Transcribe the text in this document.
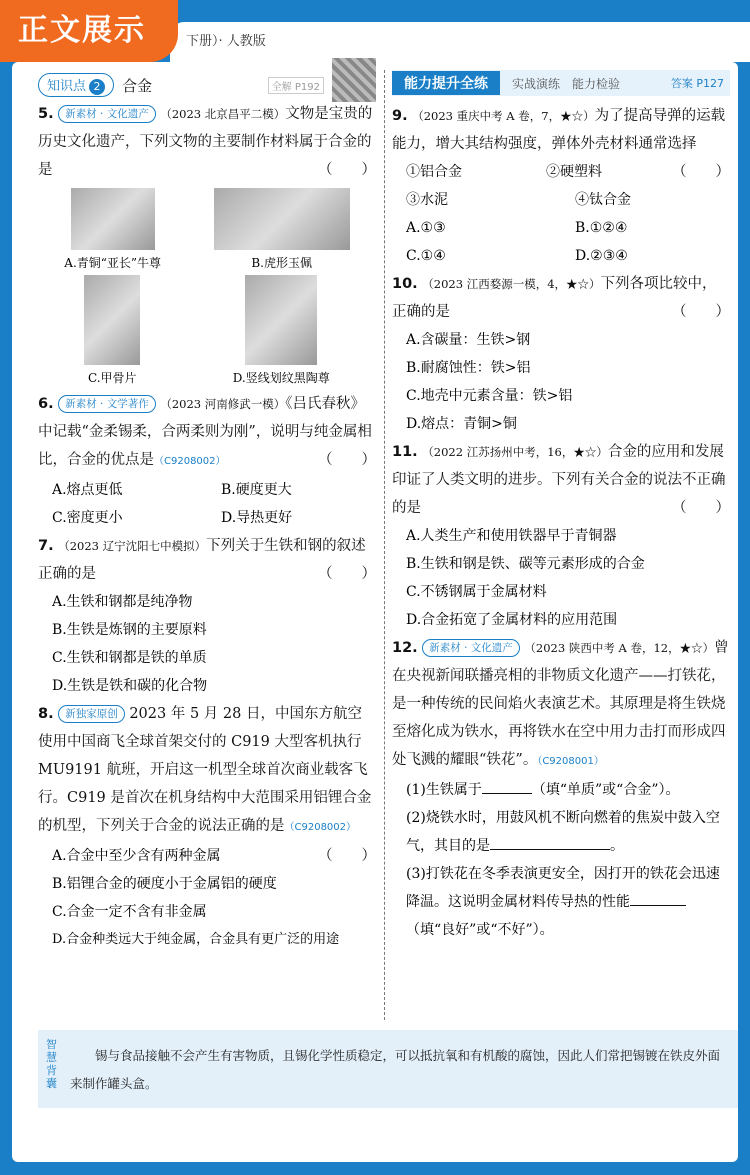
正文展示	下册）· 人教版
知识点 2	合金	全解 P192
5. 新素材 · 文化遗产 （2023 北京昌平二模）文物是宝贵的历史文化遗产，下列文物的主要制作材料属于合金的是	（　　）
A.青铜“亚长”牛尊	B.虎形玉佩
C.甲骨片	D.竖线划纹黑陶尊
6. 新素材 · 文学著作 （2023 河南修武一模）《吕氏春秋》中记载“金柔锡柔，合两柔则为刚”，说明与纯金属相比，合金的优点是（C9208002）	（　　）
A.熔点更低	B.硬度更大
C.密度更小	D.导热更好
7. （2023 辽宁沈阳七中模拟）下列关于生铁和钢的叙述正确的是	（　　）
A.生铁和钢都是纯净物
B.生铁是炼钢的主要原料
C.生铁和钢都是铁的单质
D.生铁是铁和碳的化合物
8. 新独家原创 2023 年 5 月 28 日，中国东方航空使用中国商飞全球首架交付的 C919 大型客机执行 MU9191 航班，开启这一机型全球首次商业载客飞行。C919 是首次在机身结构中大范围采用铝锂合金的机型，下列关于合金的说法正确的是（C9208002）
（　　）
A.合金中至少含有两种金属
B.铝锂合金的硬度小于金属铝的硬度
C.合金一定不含有非金属
D.合金种类远大于纯金属，合金具有更广泛的用途
能力提升全练	实战演练 能力检验	答案 P127
9. （2023 重庆中考 A 卷，7，★☆）为了提高导弹的运载能力，增大其结构强度，弹体外壳材料通常选择
（　　）
①铝合金	②硬塑料
③水泥	④钛合金
A.①③	B.①②④
C.①④	D.②③④
10. （2023 江西婺源一模，4，★☆）下列各项比较中，正确的是	（　　）
A.含碳量：生铁>钢
B.耐腐蚀性：铁>铝
C.地壳中元素含量：铁>铝
D.熔点：青铜>铜
11. （2022 江苏扬州中考，16，★☆）合金的应用和发展印证了人类文明的进步。下列有关合金的说法不正确的是	（　　）
A.人类生产和使用铁器早于青铜器
B.生铁和钢是铁、碳等元素形成的合金
C.不锈钢属于金属材料
D.合金拓宽了金属材料的应用范围
12. 新素材 · 文化遗产 （2023 陕西中考 A 卷，12，★☆）曾在央视新闻联播亮相的非物质文化遗产——打铁花，是一种传统的民间焰火表演艺术。其原理是将生铁烧至熔化成为铁水，再将铁水在空中用力击打而形成四处飞溅的耀眼“铁花”。（C9208001）
(1)生铁属于	（填“单质”或“合金”）。
(2)烧铁水时，用鼓风机不断向燃着的焦炭中鼓入空气，其目的是	。
(3)打铁花在冬季表演更安全，因打开的铁花会迅速降温。这说明金属材料传导热的性能（填“良好”或“不好”）。
智慧背囊
锡与食品接触不会产生有害物质，且锡化学性质稳定，可以抵抗氧和有机酸的腐蚀，因此人们常把锡镀在铁皮外面来制作罐头盒。
